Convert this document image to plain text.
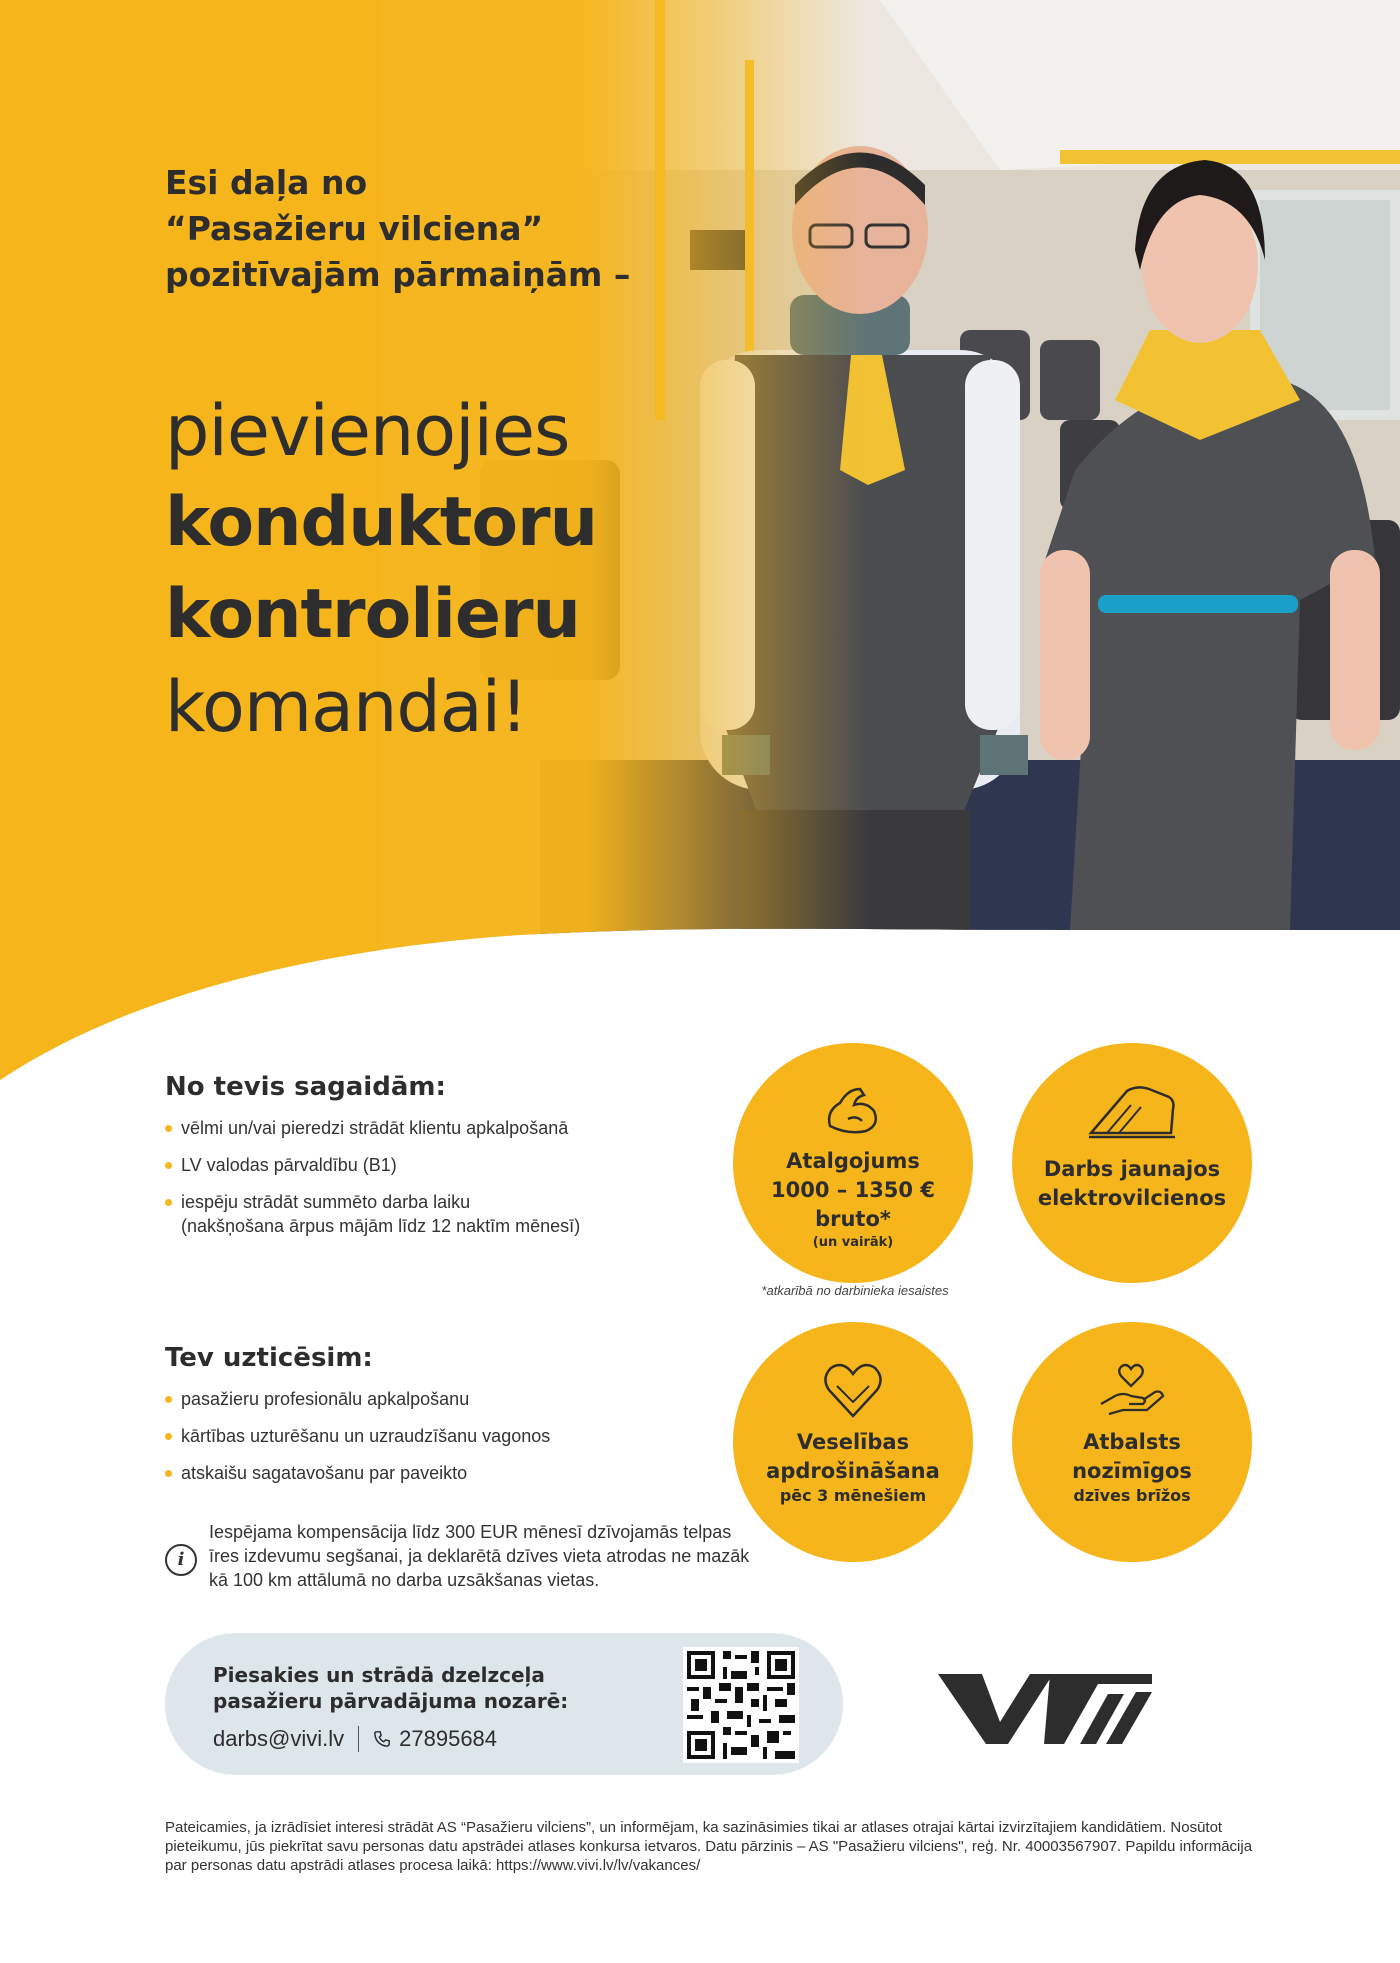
Esi daļa no
“Pasažieru vilciena”
pozitīvajām pārmaiņām –
pievienojies
konduktoru
kontrolieru
komandai!
No tevis sagaidām:
vēlmi un/vai pieredzi strādāt klientu apkalpošanā
LV valodas pārvaldību (B1)
iespēju strādāt summēto darba laiku
(nakšņošana ārpus mājām līdz 12 naktīm mēnesī)
Tev uzticēsim:
pasažieru profesionālu apkalpošanu
kārtības uzturēšanu un uzraudzīšanu vagonos
atskaišu sagatavošanu par paveikto
i
Iespējama kompensācija līdz 300 EUR mēnesī dzīvojamās telpas īres izdevumu segšanai, ja deklarētā dzīves vieta atrodas ne mazāk kā 100 km attālumā no darba uzsākšanas vietas.
Atalgojums
1000 – 1350 €
bruto*
(un vairāk)
Darbs jaunajos
elektrovilcienos
Veselības
apdrošināšana
pēc 3 mēnešiem
Atbalsts
nozīmīgos
dzīves brīžos
*atkarībā no darbinieka iesaistes
Piesakies un strādā dzelzceļa pasažieru pārvadājuma nozarē:
darbs@vivi.lv	27895684
Pateicamies, ja izrādīsiet interesi strādāt AS “Pasažieru vilciens”, un informējam, ka sazināsimies tikai ar atlases otrajai kārtai izvirzītajiem kandidātiem. Nosūtot pieteikumu, jūs piekrītat savu personas datu apstrādei atlases konkursa ietvaros. Datu pārzinis – AS "Pasažieru vilciens", reģ. Nr. 40003567907. Papildu informācija par personas datu apstrādi atlases procesa laikā: https://www.vivi.lv/lv/vakances/
